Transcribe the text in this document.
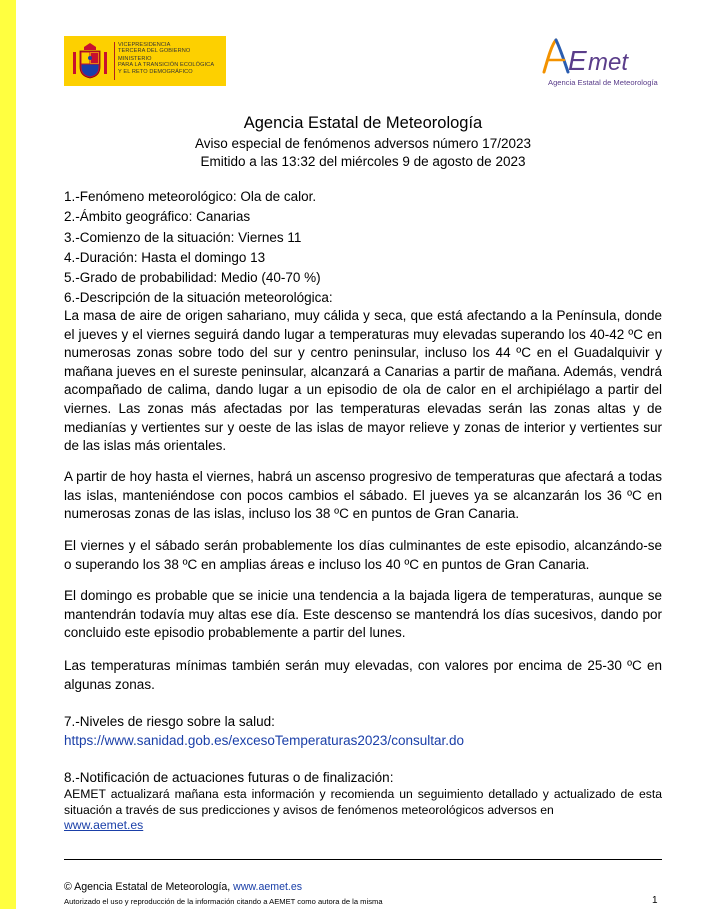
VICEPRESIDENCIA
TERCERA DEL GOBIERNO
MINISTERIO
PARA LA TRANSICIÓN ECOLÓGICA
Y EL RETO DEMOGRÁFICO	E met
Agencia Estatal de Meteorología
Agencia Estatal de Meteorología
Aviso especial de fenómenos adversos número 17/2023
Emitido a las 13:32 del miércoles 9 de agosto de 2023
1.-Fenómeno meteorológico: Ola de calor.
2.-Ámbito geográfico: Canarias
3.-Comienzo de la situación: Viernes 11
4.-Duración: Hasta el domingo 13
5.-Grado de probabilidad: Medio (40-70 %)
6.-Descripción de la situación meteorológica:
La masa de aire de origen sahariano, muy cálida y seca, que está afectando a la Península, donde el jueves y el viernes seguirá dando lugar a temperaturas muy elevadas superando los 40-42 ºC en numerosas zonas sobre todo del sur y centro peninsular, incluso los 44 ºC en el Guadalquivir y mañana jueves en el sureste peninsular, alcanzará a Canarias a partir de mañana. Además, vendrá acompañado de calima, dando lugar a un episodio de ola de calor en el archipiélago a partir del viernes. Las zonas más afectadas por las temperaturas elevadas serán las zonas altas y de medianías y vertientes sur y oeste de las islas de mayor relieve y zonas de interior y vertientes sur de las islas más orientales.
A partir de hoy hasta el viernes, habrá un ascenso progresivo de temperaturas que afectará a todas las islas, manteniéndose con pocos cambios el sábado. El jueves ya se alcanzarán los 36 ºC en numerosas zonas de las islas, incluso los 38 ºC en puntos de Gran Canaria.
El viernes y el sábado serán probablemente los días culminantes de este episodio, alcanzándo-se o superando los 38 ºC en amplias áreas e incluso los 40 ºC en puntos de Gran Canaria.
El domingo es probable que se inicie una tendencia a la bajada ligera de temperaturas, aunque se mantendrán todavía muy altas ese día. Este descenso se mantendrá los días sucesivos, dando por concluido este episodio probablemente a partir del lunes.
Las temperaturas mínimas también serán muy elevadas, con valores por encima de 25-30 ºC en algunas zonas.
7.-Niveles de riesgo sobre la salud:
https://www.sanidad.gob.es/excesoTemperaturas2023/consultar.do
8.-Notificación de actuaciones futuras o de finalización:
AEMET actualizará mañana esta información y recomienda un seguimiento detallado y actualizado de esta situación a través de sus predicciones y avisos de fenómenos meteorológicos adversos en
www.aemet.es
© Agencia Estatal de Meteorología, www.aemet.es
Autorizado el uso y reproducción de la información citando a AEMET como autora de la misma	1
